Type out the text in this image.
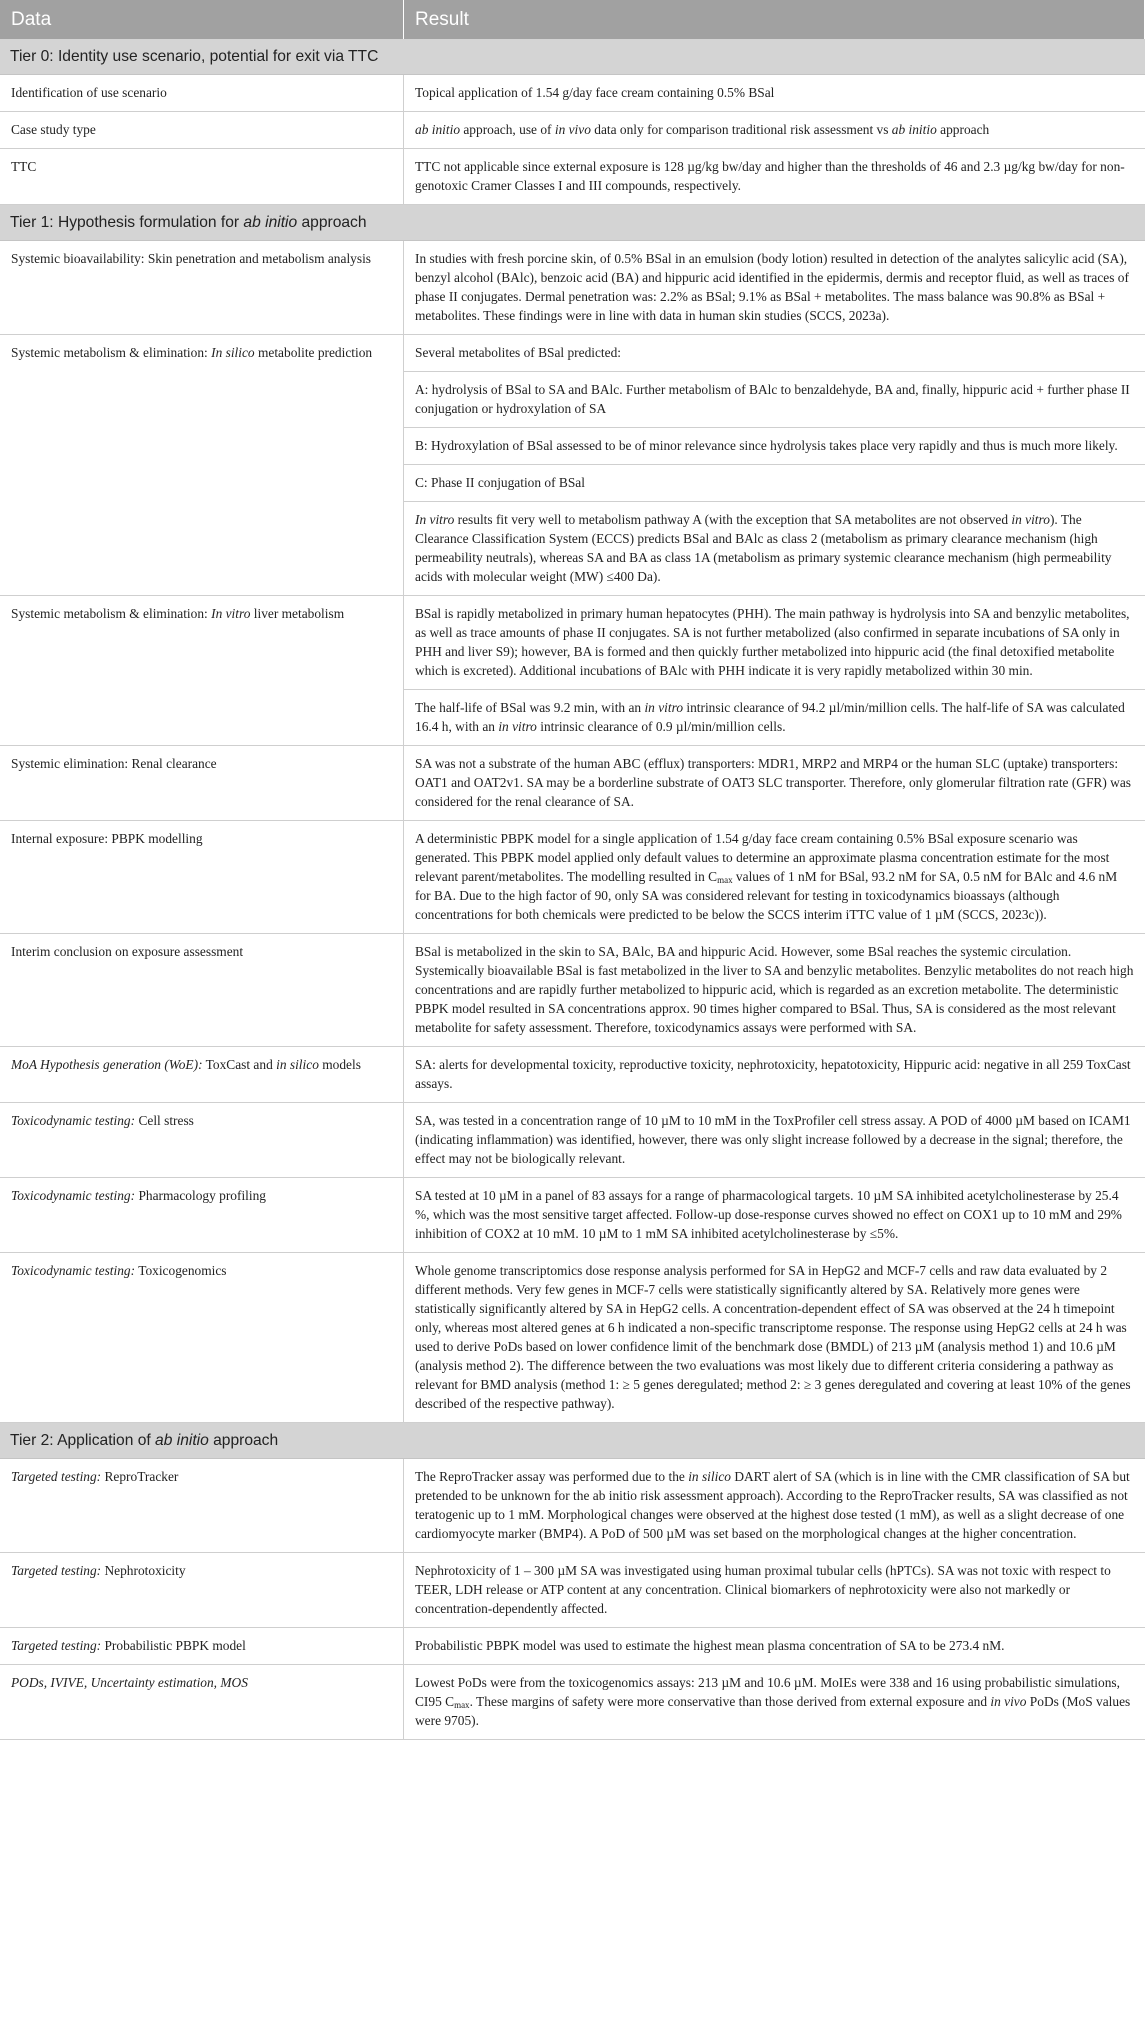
Data	Result
Tier 0: Identity use scenario, potential for exit via TTC
Identification of use scenario	Topical application of 1.54 g/day face cream containing 0.5% BSal
Case study type	ab initio approach, use of in vivo data only for comparison traditional risk assessment vs ab initio approach
TTC	TTC not applicable since external exposure is 128 µg/kg bw/day and higher than the thresholds of 46 and 2.3 µg/kg bw/day for non-genotoxic Cramer Classes I and III compounds, respectively.
Tier 1: Hypothesis formulation for ab initio approach
Systemic bioavailability: Skin penetration and metabolism analysis	In studies with fresh porcine skin, of 0.5% BSal in an emulsion (body lotion) resulted in detection of the analytes salicylic acid (SA), benzyl alcohol (BAlc), benzoic acid (BA) and hippuric acid identified in the epidermis, dermis and receptor fluid, as well as traces of phase II conjugates. Dermal penetration was: 2.2% as BSal; 9.1% as BSal + metabolites. The mass balance was 90.8% as BSal + metabolites. These findings were in line with data in human skin studies (SCCS, 2023a).
Systemic metabolism & elimination: In silico metabolite prediction	Several metabolites of BSal predicted:
A: hydrolysis of BSal to SA and BAlc. Further metabolism of BAlc to benzaldehyde, BA and, finally, hippuric acid + further phase II conjugation or hydroxylation of SA
B: Hydroxylation of BSal assessed to be of minor relevance since hydrolysis takes place very rapidly and thus is much more likely.
C: Phase II conjugation of BSal
In vitro results fit very well to metabolism pathway A (with the exception that SA metabolites are not observed in vitro). The Clearance Classification System (ECCS) predicts BSal and BAlc as class 2 (metabolism as primary clearance mechanism (high permeability neutrals), whereas SA and BA as class 1A (metabolism as primary systemic clearance mechanism (high permeability acids with molecular weight (MW) ≤400 Da).
Systemic metabolism & elimination: In vitro liver metabolism	BSal is rapidly metabolized in primary human hepatocytes (PHH). The main pathway is hydrolysis into SA and benzylic metabolites, as well as trace amounts of phase II conjugates. SA is not further metabolized (also confirmed in separate incubations of SA only in PHH and liver S9); however, BA is formed and then quickly further metabolized into hippuric acid (the final detoxified metabolite which is excreted). Additional incubations of BAlc with PHH indicate it is very rapidly metabolized within 30 min.
The half-life of BSal was 9.2 min, with an in vitro intrinsic clearance of 94.2 µl/min/million cells. The half-life of SA was calculated 16.4 h, with an in vitro intrinsic clearance of 0.9 µl/min/million cells.
Systemic elimination: Renal clearance	SA was not a substrate of the human ABC (efflux) transporters: MDR1, MRP2 and MRP4 or the human SLC (uptake) transporters: OAT1 and OAT2v1. SA may be a borderline substrate of OAT3 SLC transporter. Therefore, only glomerular filtration rate (GFR) was considered for the renal clearance of SA.
Internal exposure: PBPK modelling	A deterministic PBPK model for a single application of 1.54 g/day face cream containing 0.5% BSal exposure scenario was generated. This PBPK model applied only default values to determine an approximate plasma concentration estimate for the most relevant parent/metabolites. The modelling resulted in $C_{max}$ values of 1 nM for BSal, 93.2 nM for SA, 0.5 nM for BAlc and 4.6 nM for BA. Due to the high factor of 90, only SA was considered relevant for testing in toxicodynamics bioassays (although concentrations for both chemicals were predicted to be below the SCCS interim iTTC value of 1 µM (SCCS, 2023c)).
Interim conclusion on exposure assessment	BSal is metabolized in the skin to SA, BAlc, BA and hippuric Acid. However, some BSal reaches the systemic circulation. Systemically bioavailable BSal is fast metabolized in the liver to SA and benzylic metabolites. Benzylic metabolites do not reach high concentrations and are rapidly further metabolized to hippuric acid, which is regarded as an excretion metabolite. The deterministic PBPK model resulted in SA concentrations approx. 90 times higher compared to BSal. Thus, SA is considered as the most relevant metabolite for safety assessment. Therefore, toxicodynamics assays were performed with SA.
MoA Hypothesis generation (WoE): ToxCast and in silico models	SA: alerts for developmental toxicity, reproductive toxicity, nephrotoxicity, hepatotoxicity, Hippuric acid: negative in all 259 ToxCast assays.
Toxicodynamic testing: Cell stress	SA, was tested in a concentration range of 10 µM to 10 mM in the ToxProfiler cell stress assay. A POD of 4000 µM based on ICAM1 (indicating inflammation) was identified, however, there was only slight increase followed by a decrease in the signal; therefore, the effect may not be biologically relevant.
Toxicodynamic testing: Pharmacology profiling	SA tested at 10 µM in a panel of 83 assays for a range of pharmacological targets. 10 µM SA inhibited acetylcholinesterase by 25.4 %, which was the most sensitive target affected. Follow-up dose-response curves showed no effect on COX1 up to 10 mM and 29% inhibition of COX2 at 10 mM. 10 µM to 1 mM SA inhibited acetylcholinesterase by ≤5%.
Toxicodynamic testing: Toxicogenomics	Whole genome transcriptomics dose response analysis performed for SA in HepG2 and MCF-7 cells and raw data evaluated by 2 different methods. Very few genes in MCF-7 cells were statistically significantly altered by SA. Relatively more genes were statistically significantly altered by SA in HepG2 cells. A concentration-dependent effect of SA was observed at the 24 h timepoint only, whereas most altered genes at 6 h indicated a non-specific transcriptome response. The response using HepG2 cells at 24 h was used to derive PoDs based on lower confidence limit of the benchmark dose (BMDL) of 213 µM (analysis method 1) and 10.6 µM (analysis method 2). The difference between the two evaluations was most likely due to different criteria considering a pathway as relevant for BMD analysis (method 1: ≥ 5 genes deregulated; method 2: ≥ 3 genes deregulated and covering at least 10% of the genes described of the respective pathway).
Tier 2: Application of ab initio approach
Targeted testing: ReproTracker	The ReproTracker assay was performed due to the in silico DART alert of SA (which is in line with the CMR classification of SA but pretended to be unknown for the ab initio risk assessment approach). According to the ReproTracker results, SA was classified as not teratogenic up to 1 mM. Morphological changes were observed at the highest dose tested (1 mM), as well as a slight decrease of one cardiomyocyte marker (BMP4). A PoD of 500 µM was set based on the morphological changes at the higher concentration.
Targeted testing: Nephrotoxicity	Nephrotoxicity of 1 – 300 µM SA was investigated using human proximal tubular cells (hPTCs). SA was not toxic with respect to TEER, LDH release or ATP content at any concentration. Clinical biomarkers of nephrotoxicity were also not markedly or concentration-dependently affected.
Targeted testing: Probabilistic PBPK model	Probabilistic PBPK model was used to estimate the highest mean plasma concentration of SA to be 273.4 nM.
PODs, IVIVE, Uncertainty estimation, MOS	Lowest PoDs were from the toxicogenomics assays: 213 µM and 10.6 µM. MoIEs were 338 and 16 using probabilistic simulations, CI95 $C_{max}$. These margins of safety were more conservative than those derived from external exposure and in vivo PoDs (MoS values were 9705).
